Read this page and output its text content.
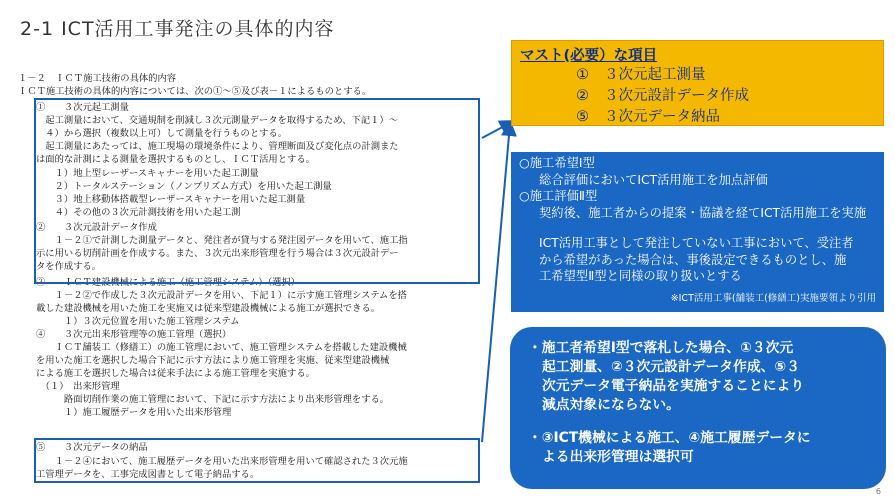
2-1 ICT活用工事発注の具体的内容
１－２　ＩＣＴ施工技術の具体的内容
ＩＣＴ施工技術の具体的内容については、次の①～⑤及び表－１によるものとする。
①　　３次元起工測量
　起工測量において、交通規制を削減し３次元測量データを取得するため、下記１）～
　４）から選択（複数以上可）して測量を行うものとする。
　起工測量にあたっては、施工現場の環境条件により、管理断面及び変化点の計測また
は面的な計測による測量を選択するものとし、ＩＣＴ活用とする。
　　１）地上型レーザースキャナーを用いた起工測量
　　２）トータルステーション（ノンプリズム方式）を用いた起工測量
　　３）地上移動体搭載型レーザースキャナーを用いた起工測量
　　４）その他の３次元計測技術を用いた起工測
②　　３次元設計データ作成
　　１－２①で計測した測量データと、発注者が貸与する発注図データを用いて、施工指
示に用いる切削計画を作成する。また、３次元出来形管理を行う場合は３次元設計デー
タを作成する。
③　　ＩＣＴ建設機械による施工（施工管理システム）（選択）
　　１－２②で作成した３次元設計データを用い、下記１）に示す施工管理システムを搭
載した建設機械を用いた施工を実施又は従来型建設機械による施工が選択できる。
　　　１）３次元位置を用いた施工管理システム
④　　３次元出来形管理等の施工管理（選択）
　　ＩＣＴ舗装工（修繕工）の施工管理において、施工管理システムを搭載した建設機械
を用いた施工を選択した場合下記に示す方法により施工管理を実施、従来型建設機械
による施工を選択した場合は従来手法による施工管理を実施する。
　（１）　出来形管理
　　　路面切削作業の施工管理において、下記に示す方法により出来形管理をする。
　　　１）施工履歴データを用いた出来形管理
⑤　　３次元データの納品
　　１－２④において、施工履歴データを用いた出来形管理を用いて確認された３次元施
工管理データを、工事完成図書として電子納品する。
マスト(必要）な項目
① ３次元起工測量
② ３次元設計データ作成
⑤ ３次元データ納品
○施工希望Ⅰ型
総合評価においてICT活用施工を加点評価
○施工評価Ⅱ型
契約後、施工者からの提案・協議を経てICT活用施工を実施
ICT活用工事として発注していない工事において、受注者
から希望があった場合は、事後設定できるものとし、施
工希望型Ⅱ型と同様の取り扱いとする
※ICT活用工事(舗装工(修繕工)実施要領より引用
・施工者希望Ⅰ型で落札した場合、①３次元
起工測量、②３次元設計データ作成、⑤３
次元データ電子納品を実施することにより
減点対象にならない。
・③ICT機械による施工、④施工履歴データに
よる出来形管理は選択可
6
